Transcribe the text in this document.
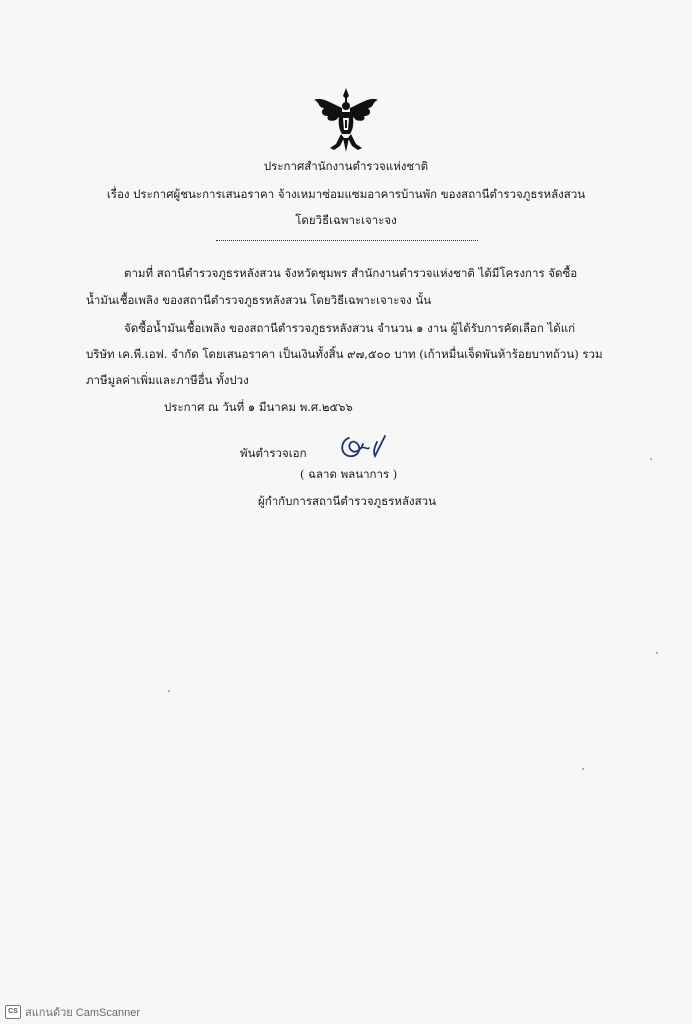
ประกาศสำนักงานตำรวจแห่งชาติ
เรื่อง ประกาศผู้ชนะการเสนอราคา จ้างเหมาซ่อมแซมอาคารบ้านพัก ของสถานีตำรวจภูธรหลังสวน
โดยวิธีเฉพาะเจาะจง
ตามที่ สถานีตำรวจภูธรหลังสวน จังหวัดชุมพร สำนักงานตำรวจแห่งชาติ ได้มีโครงการ จัดซื้อ
น้ำมันเชื้อเพลิง ของสถานีตำรวจภูธรหลังสวน โดยวิธีเฉพาะเจาะจง นั้น
จัดซื้อน้ำมันเชื้อเพลิง ของสถานีตำรวจภูธรหลังสวน จำนวน ๑ งาน ผู้ได้รับการคัดเลือก ได้แก่
บริษัท เค.พี.เอฟ. จำกัด โดยเสนอราคา เป็นเงินทั้งสิ้น ๙๗,๕๐๐ บาท (เก้าหมื่นเจ็ดพันห้าร้อยบาทถ้วน) รวม
ภาษีมูลค่าเพิ่มและภาษีอื่น ทั้งปวง
ประกาศ ณ วันที่ ๑ มีนาคม พ.ศ.๒๕๖๖
พันตำรวจเอก
( ฉลาด พลนาการ )
ผู้กำกับการสถานีตำรวจภูธรหลังสวน
CS สแกนด้วย CamScanner
